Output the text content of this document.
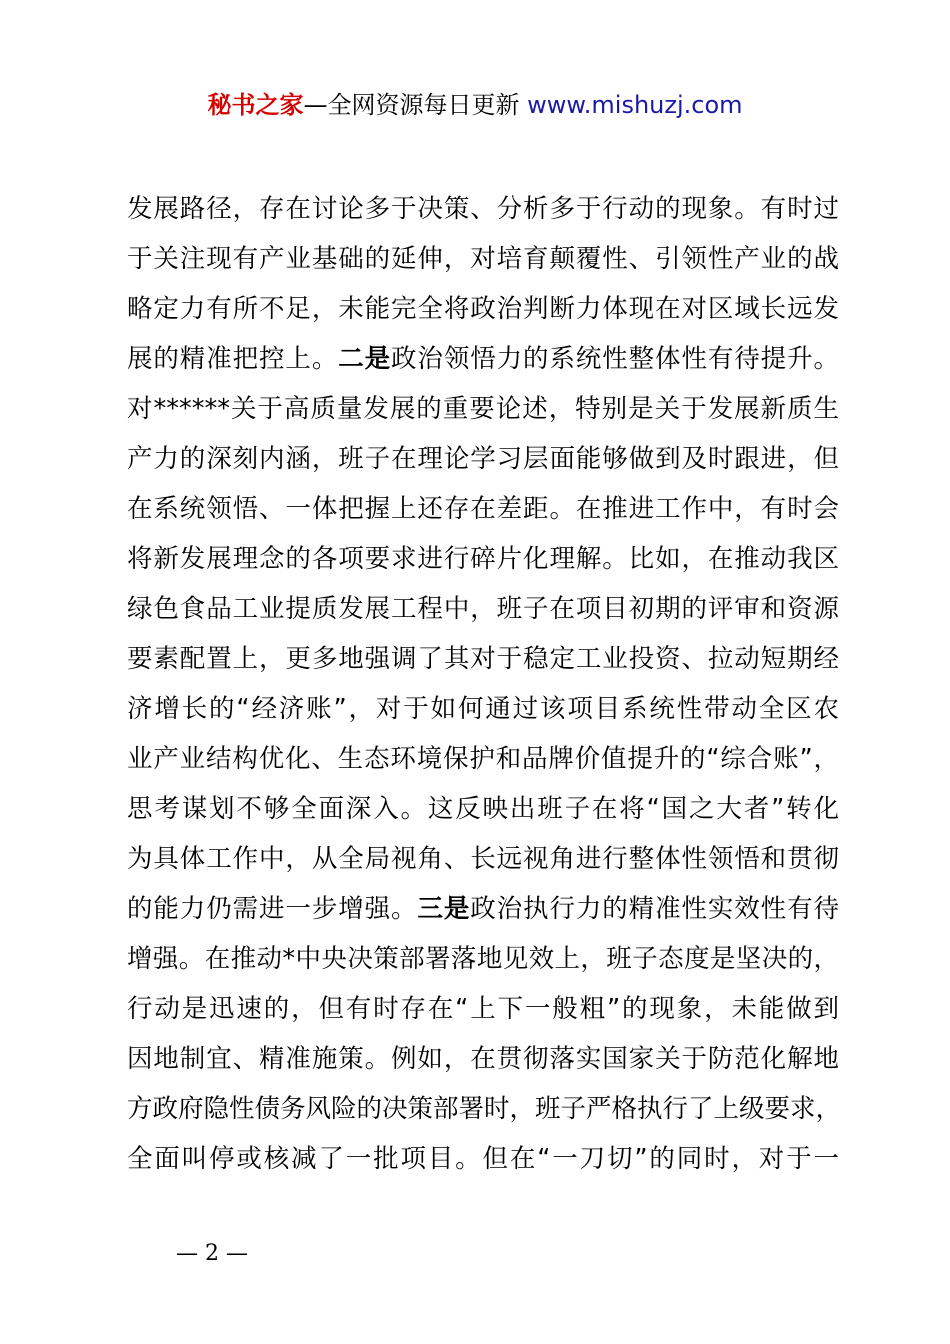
秘书之家—全网资源每日更新 www.mishuzj.com
发展路径，存在讨论多于决策、分析多于行动的现象。有时过
于关注现有产业基础的延伸，对培育颠覆性、引领性产业的战
略定力有所不足，未能完全将政治判断力体现在对区域长远发
展的精准把控上。二是政治领悟力的系统性整体性有待提升。
对******关于高质量发展的重要论述，特别是关于发展新质生
产力的深刻内涵，班子在理论学习层面能够做到及时跟进，但
在系统领悟、一体把握上还存在差距。在推进工作中，有时会
将新发展理念的各项要求进行碎片化理解。比如，在推动我区
绿色食品工业提质发展工程中，班子在项目初期的评审和资源
要素配置上，更多地强调了其对于稳定工业投资、拉动短期经
济增长的“经济账”，对于如何通过该项目系统性带动全区农
业产业结构优化、生态环境保护和品牌价值提升的“综合账”，
思考谋划不够全面深入。这反映出班子在将“国之大者”转化
为具体工作中，从全局视角、长远视角进行整体性领悟和贯彻
的能力仍需进一步增强。三是政治执行力的精准性实效性有待
增强。在推动*中央决策部署落地见效上，班子态度是坚决的，
行动是迅速的，但有时存在“上下一般粗”的现象，未能做到
因地制宜、精准施策。例如，在贯彻落实国家关于防范化解地
方政府隐性债务风险的决策部署时，班子严格执行了上级要求，
全面叫停或核减了一批项目。但在“一刀切”的同时，对于一
— 2 —
